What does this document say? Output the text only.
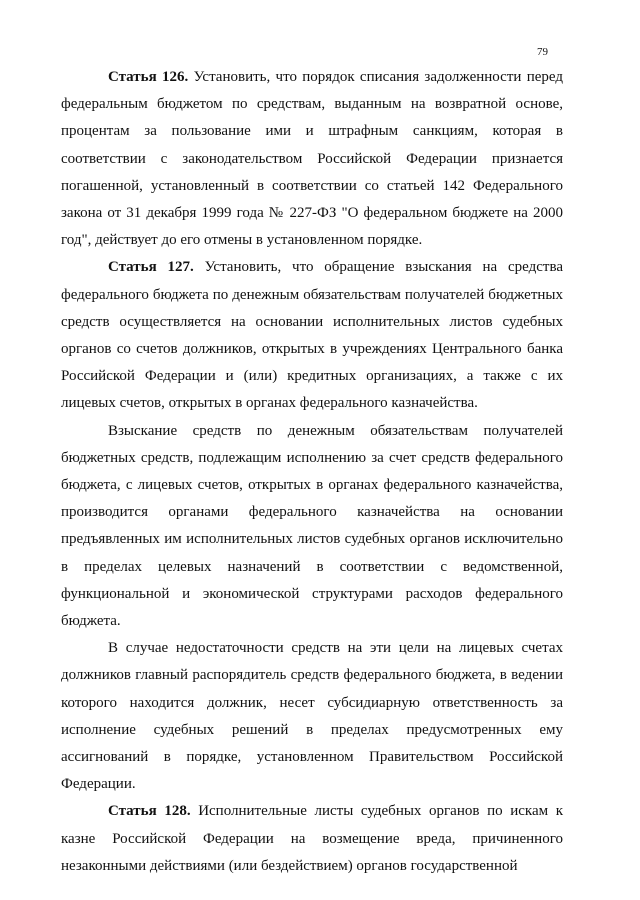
79

Статья 126. Установить, что порядок списания задолженности перед федеральным бюджетом по средствам, выданным на возвратной основе, процентам за пользование ими и штрафным санкциям, которая в соответствии с законодательством Российской Федерации признается погашенной, установленный в соответствии со статьей 142 Федерального закона от 31 декабря 1999 года № 227-ФЗ "О федеральном бюджете на 2000 год", действует до его отмены в установленном порядке.

Статья 127. Установить, что обращение взыскания на средства федерального бюджета по денежным обязательствам получателей бюджетных средств осуществляется на основании исполнительных листов судебных органов со счетов должников, открытых в учреждениях Центрального банка Российской Федерации и (или) кредитных организациях, а также с их лицевых счетов, открытых в органах федерального казначейства.

Взыскание средств по денежным обязательствам получателей бюджетных средств, подлежащим исполнению за счет средств федерального бюджета, с лицевых счетов, открытых в органах федерального казначейства, производится органами федерального казначейства на основании предъявленных им исполнительных листов судебных органов исключительно в пределах целевых назначений в соответствии с ведомственной, функциональной и экономической структурами расходов федерального бюджета.

В случае недостаточности средств на эти цели на лицевых счетах должников главный распорядитель средств федерального бюджета, в ведении которого находится должник, несет субсидиарную ответственность за исполнение судебных решений в пределах предусмотренных ему ассигнований в порядке, установленном Правительством Российской Федерации.

Статья 128. Исполнительные листы судебных органов по искам к казне Российской Федерации на возмещение вреда, причиненного незаконными действиями (или бездействием) органов государственной
